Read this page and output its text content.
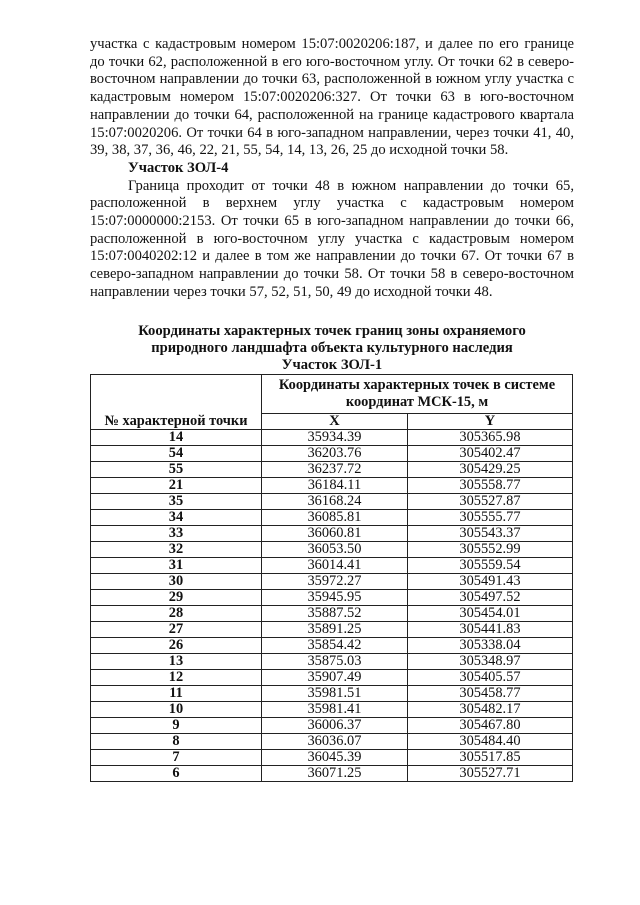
участка с кадастровым номером 15:07:0020206:187, и далее по его границе до точки 62, расположенной в его юго-восточном углу. От точки 62 в северо-восточном направлении до точки 63, расположенной в южном углу участка с кадастровым номером 15:07:0020206:327. От точки 63 в юго-восточном направлении до точки 64, расположенной на границе кадастрового квартала 15:07:0020206. От точки 64 в юго-западном направлении, через точки 41, 40, 39, 38, 37, 36, 46, 22, 21, 55, 54, 14, 13, 26, 25 до исходной точки 58.

Участок ЗОЛ-4

Граница проходит от точки 48 в южном направлении до точки 65, расположенной в верхнем углу участка с кадастровым номером 15:07:0000000:2153. От точки 65 в юго-западном направлении до точки 66, расположенной в юго-восточном углу участка с кадастровым номером 15:07:0040202:12 и далее в том же направлении до точки 67. От точки 67 в северо-западном направлении до точки 58. От точки 58 в северо-восточном направлении через точки 57, 52, 51, 50, 49 до исходной точки 48.

Координаты характерных точек границ зоны охраняемого
природного ландшафта объекта культурного наследия
Участок ЗОЛ-1
№ характерной точки	Координаты характерных точек в системе координат МСК-15, м	
	X	Y
14	35934.39	305365.98
54	36203.76	305402.47
55	36237.72	305429.25
21	36184.11	305558.77
35	36168.24	305527.87
34	36085.81	305555.77
33	36060.81	305543.37
32	36053.50	305552.99
31	36014.41	305559.54
30	35972.27	305491.43
29	35945.95	305497.52
28	35887.52	305454.01
27	35891.25	305441.83
26	35854.42	305338.04
13	35875.03	305348.97
12	35907.49	305405.57
11	35981.51	305458.77
10	35981.41	305482.17
9	36006.37	305467.80
8	36036.07	305484.40
7	36045.39	305517.85
6	36071.25	305527.71
